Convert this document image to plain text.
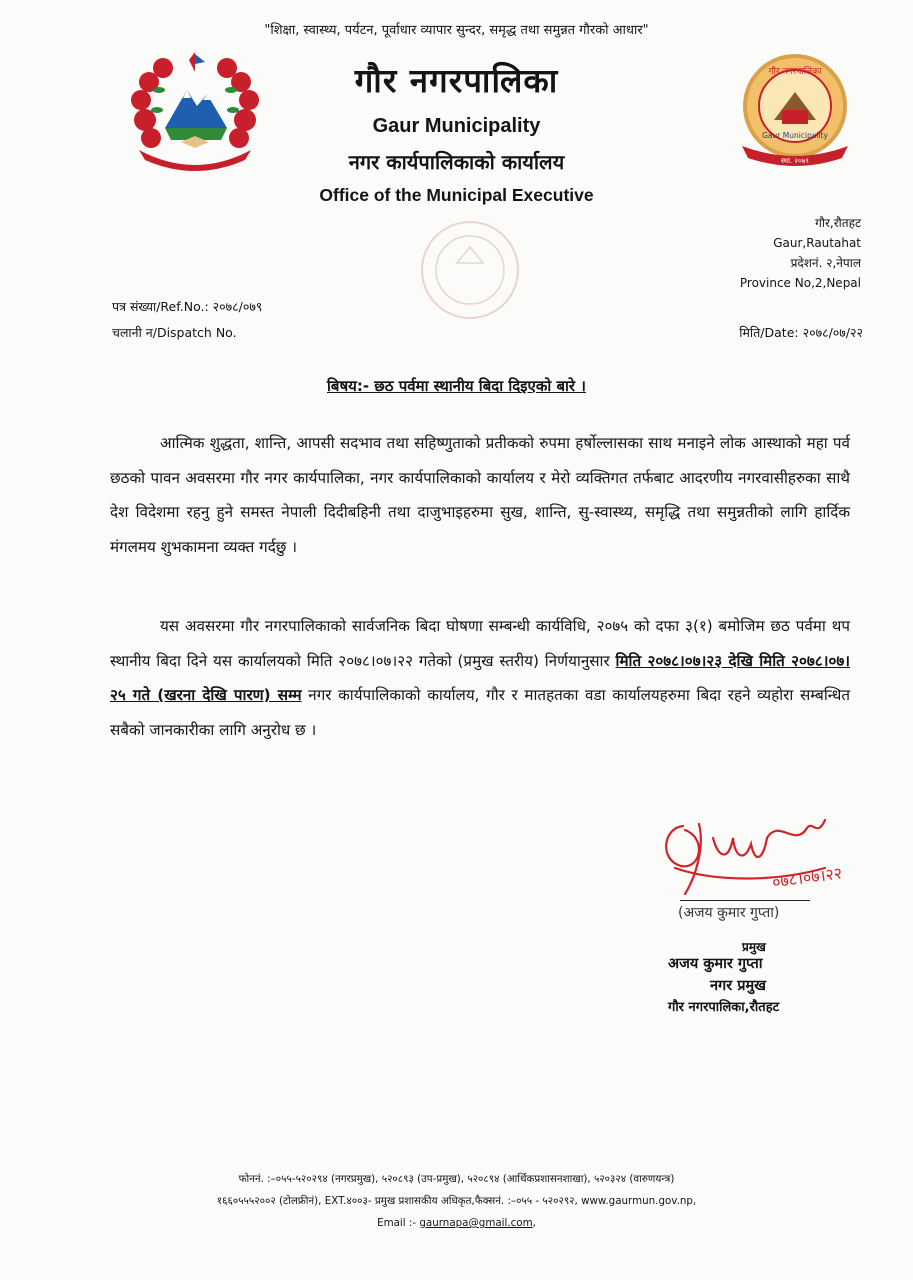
"शिक्षा, स्वास्थ्य, पर्यटन, पूर्वाधार व्यापार सुन्दर, समृद्ध तथा समुन्नत गौरको आधार"
गौर नगरपालिका
Gaur Municipality
नगर कार्यपालिकाको कार्यालय
Office of the Municipal Executive
गौर नगरपालिका
Gaur Municipality
स्था. २०७९
गौर,रौतहट
Gaur,Rautahat
प्रदेशनं. २,नेपाल
Province No,2,Nepal
पत्र संख्या/Ref.No.: २०७८/०७९
चलानी न/Dispatch No.	मिति/Date: २०७८/०७/२२
बिषय:- छठ पर्वमा स्थानीय बिदा दिइएको बारे ।
आत्मिक शुद्धता, शान्ति, आपसी सदभाव तथा सहिष्णुताको प्रतीकको रुपमा हर्षोल्लासका साथ मनाइने लोक आस्थाको महा पर्व छठको पावन अवसरमा गौर नगर कार्यपालिका, नगर कार्यपालिकाको कार्यालय र मेरो व्यक्तिगत तर्फबाट आदरणीय नगरवासीहरुका साथै देश विदेशमा रहनु हुने समस्त नेपाली दिदीबहिनी तथा दाजुभाइहरुमा सुख, शान्ति, सु-स्वास्थ्य, समृद्धि तथा समुन्नतीको लागि हार्दिक मंगलमय शुभकामना व्यक्त गर्दछु ।
यस अवसरमा गौर नगरपालिकाको सार्वजनिक बिदा घोषणा सम्बन्धी कार्यविधि, २०७५ को दफा ३(१) बमोजिम छठ पर्वमा थप स्थानीय बिदा दिने यस कार्यालयको मिति २०७८।०७।२२ गतेको (प्रमुख स्तरीय) निर्णयानुसार मिति २०७८।०७।२३ देखि मिति २०७८।०७।२५ गते (खरना देखि पारण) सम्म नगर कार्यपालिकाको कार्यालय, गौर र मातहतका वडा कार्यालयहरुमा बिदा रहने व्यहोरा सम्बन्धित सबैको जानकारीका लागि अनुरोध छ ।
०७८।०७।२२
(अजय कुमार गुप्ता)
प्रमुख
अजय कुमार गुप्ता
नगर प्रमुख
गौर नगरपालिका,रौतहट
फोननं. :–०५५-५२०२९४ (नगरप्रमुख), ५२०८९३ (उप-प्रमुख), ५२०८९४ (आर्थिकप्रशासनशाखा), ५२०३२४ (वारुणयन्त्र)
१६६०५५५२००२ (टोलफ्रीनं), EXT.४००३- प्रमुख प्रशासकीय अधिकृत,फैक्सनं. :–०५५ - ५२०२९२, www.gaurmun.gov.np,
Email :- gaurnapa@gmail.com,
